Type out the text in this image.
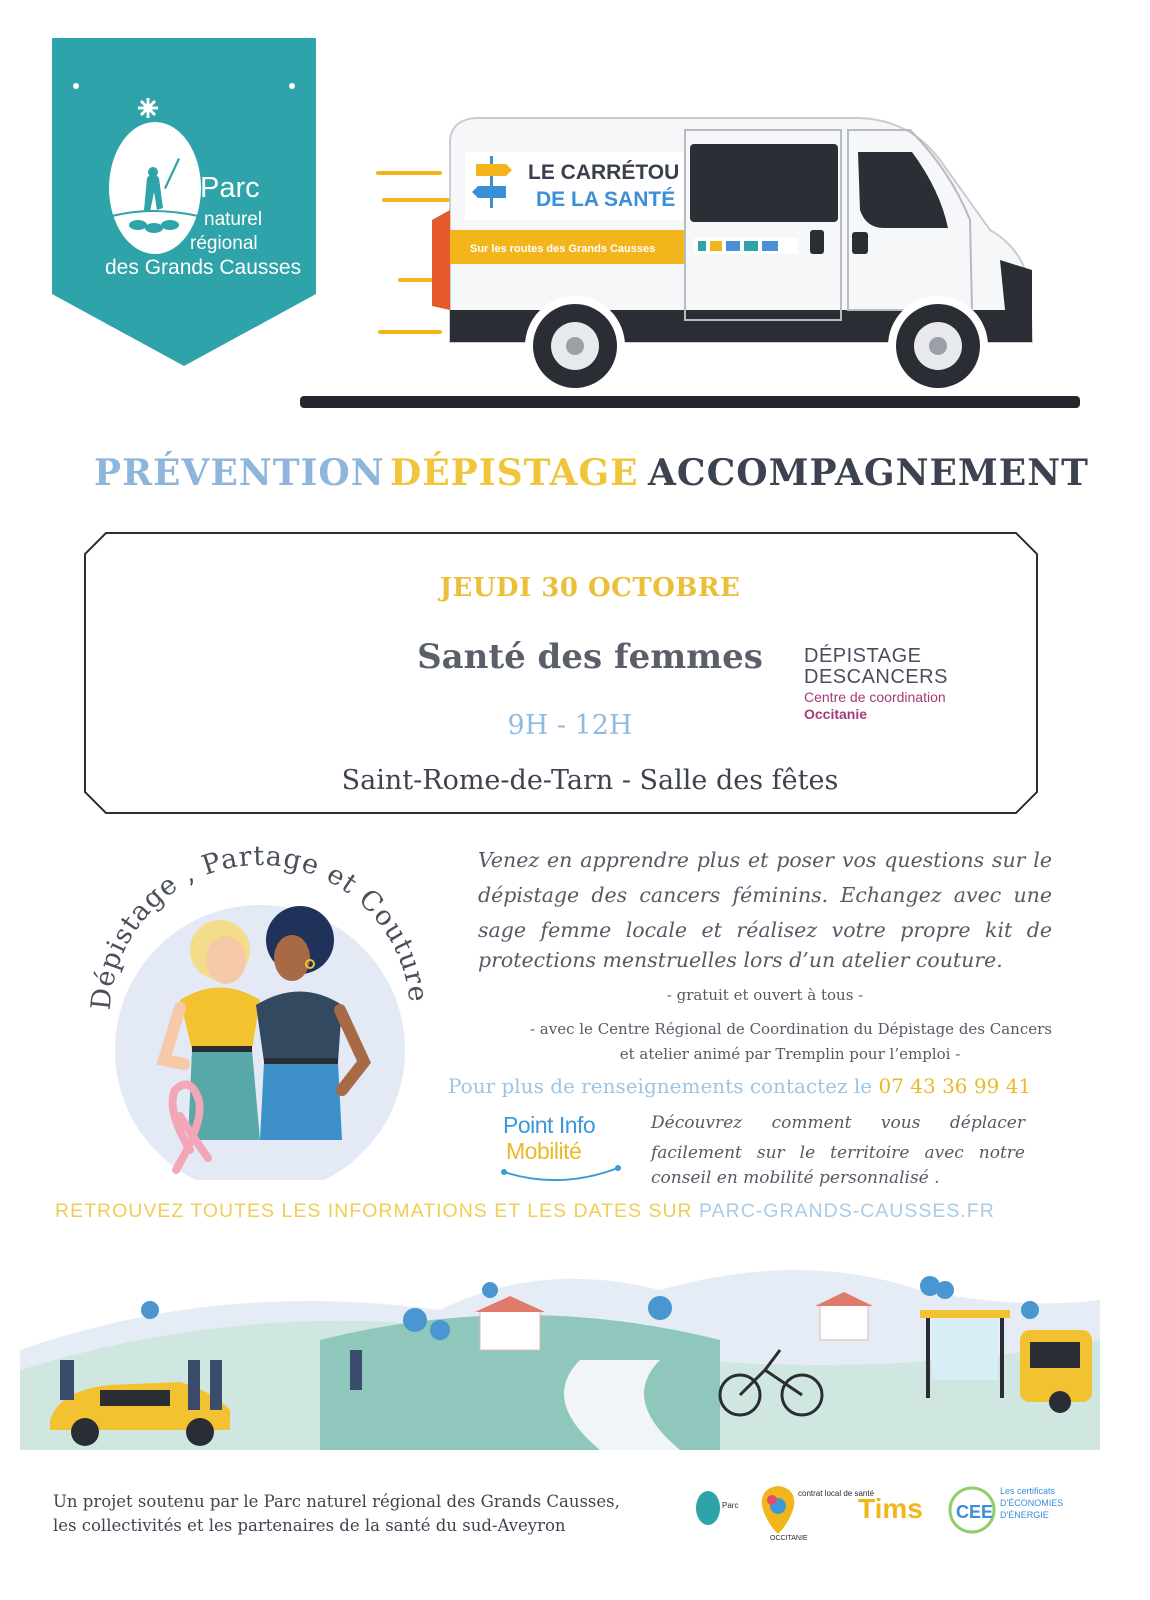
Parc
naturel
régional
des Grands Causses
Sur les routes des Grands Causses
LE CARRÉTOU
DE LA SANTÉ
PRÉVENTION DÉPISTAGE ACCOMPAGNEMENT
JEUDI 30 OCTOBRE
Santé des femmes
9H - 12H
Saint-Rome-de-Tarn - Salle des fêtes
DÉPISTAGE
DESCANCERS
Centre de coordination
Occitanie
Dépistage , Partage et Couture
Venez en apprendre plus et poser vos questions sur le dépistage des cancers féminins. Echangez avec une sage femme locale et réalisez votre propre kit de
protections menstruelles lors d’un atelier couture.
- gratuit et ouvert à tous -
- avec le Centre Régional de Coordination du Dépistage des Cancers
et atelier animé par Tremplin pour l’emploi -
Pour plus de renseignements contactez le 07 43 36 99 41
Point Info
Mobilité
Découvrez comment vous déplacer facilement sur le territoire avec notre
conseil en mobilité personnalisé .
RETROUVEZ TOUTES LES INFORMATIONS ET LES DATES SUR PARC-GRANDS-CAUSSES.FR
Un projet soutenu par le Parc naturel régional des Grands Causses,
les collectivités et les partenaires de la santé du sud-Aveyron
Parc
contrat local de santé
OCCITANIE
Tims CEE
Les certificats
D'ÉCONOMIES
D'ÉNERGIE
